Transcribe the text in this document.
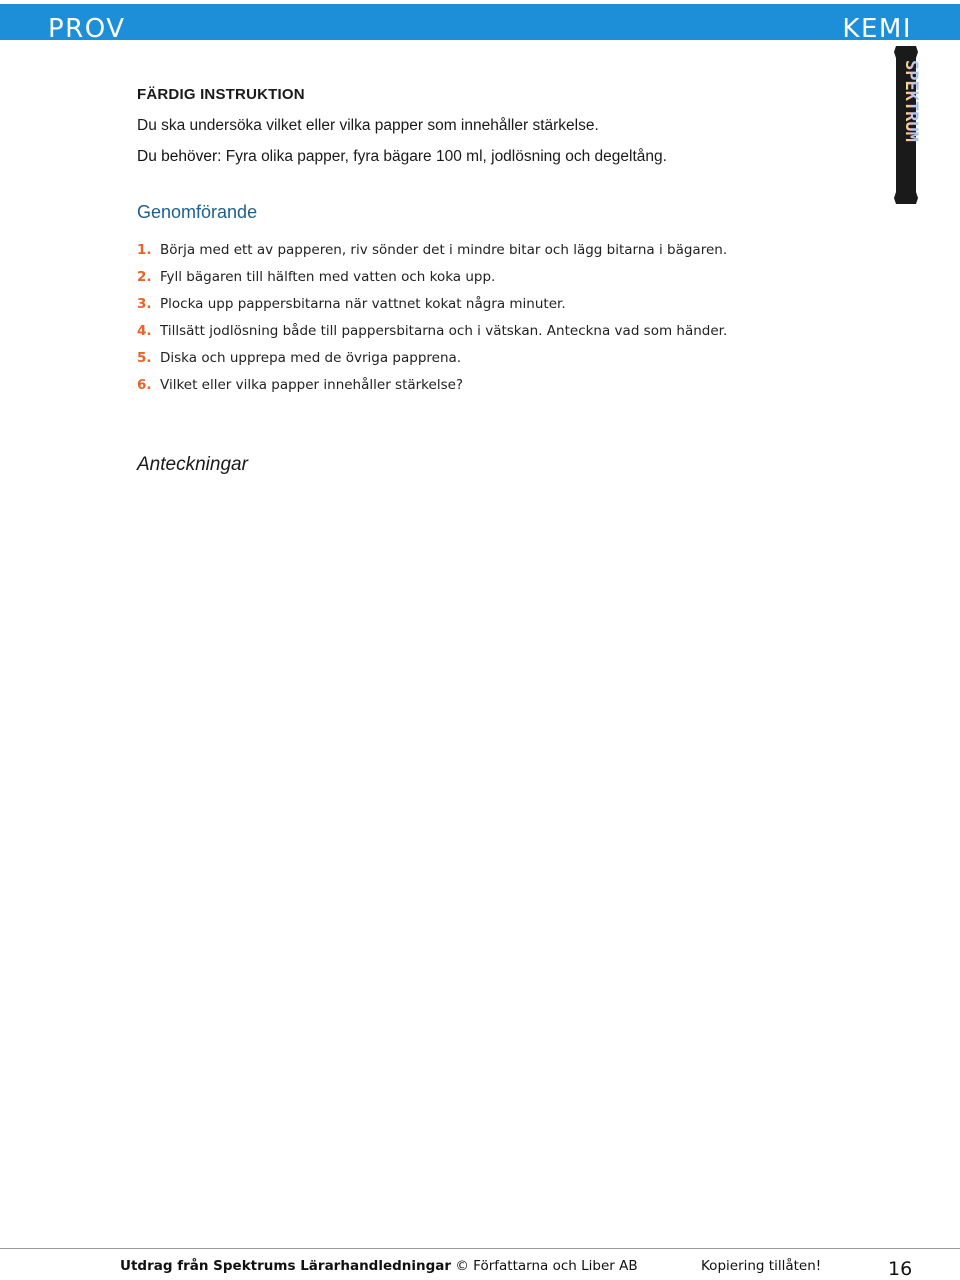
PROV	KEMI
SPEKTRUM
FÄRDIG INSTRUKTION
Du ska undersöka vilket eller vilka papper som innehåller stärkelse.
Du behöver: Fyra olika papper, fyra bägare 100 ml, jodlösning och degeltång.
Genomförande
1. Börja med ett av papperen, riv sönder det i mindre bitar och lägg bitarna i bägaren.
2. Fyll bägaren till hälften med vatten och koka upp.
3. Plocka upp pappersbitarna när vattnet kokat några minuter.
4. Tillsätt jodlösning både till pappersbitarna och i vätskan. Anteckna vad som händer.
5. Diska och upprepa med de övriga papprena.
6. Vilket eller vilka papper innehåller stärkelse?
Anteckningar
Utdrag från Spektrums Lärarhandledningar © Författarna och Liber AB	Kopiering tillåten!	16
